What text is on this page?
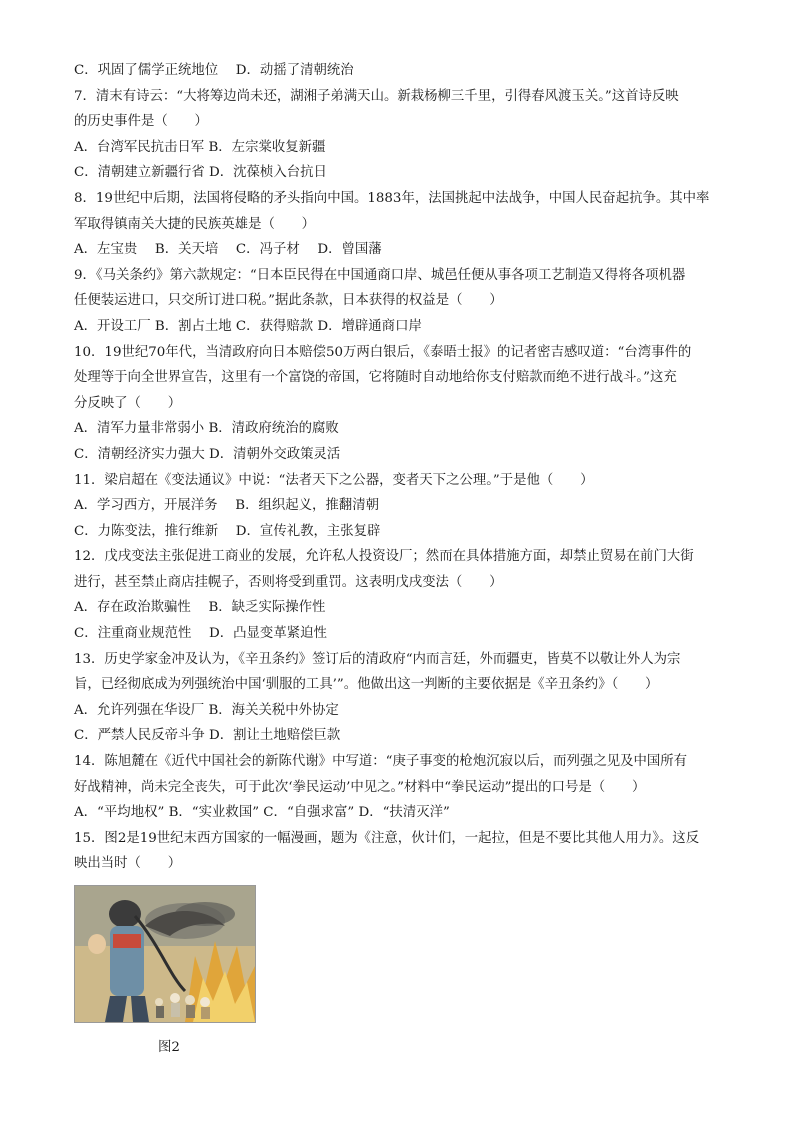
C．巩固了儒学正统地位　 D．动摇了清朝统治
7．清末有诗云：“大将筹边尚未还，湖湘子弟满天山。新栽杨柳三千里，引得春风渡玉关。”这首诗反映
的历史事件是（　　）
A．台湾军民抗击日军 B．左宗棠收复新疆
C．清朝建立新疆行省 D．沈葆桢入台抗日
8．19世纪中后期，法国将侵略的矛头指向中国。1883年，法国挑起中法战争，中国人民奋起抗争。其中率
军取得镇南关大捷的民族英雄是（　　）
A．左宝贵　 B．关天培　 C．冯子材　 D．曾国藩
9．《马关条约》第六款规定：“日本臣民得在中国通商口岸、城邑任便从事各项工艺制造又得将各项机器
任便装运进口，只交所订进口税。”据此条款，日本获得的权益是（　　）
A．开设工厂 B．割占土地 C．获得赔款 D．增辟通商口岸
10．19世纪70年代，当清政府向日本赔偿50万两白银后，《泰晤士报》的记者密吉感叹道：“台湾事件的
处理等于向全世界宣告，这里有一个富饶的帝国，它将随时自动地给你支付赔款而绝不进行战斗。”这充
分反映了（　　）
A．清军力量非常弱小 B．清政府统治的腐败
C．清朝经济实力强大 D．清朝外交政策灵活
11．梁启超在《变法通议》中说：“法者天下之公器，变者天下之公理。”于是他（　　）
A．学习西方，开展洋务　 B．组织起义，推翻清朝
C．力陈变法，推行维新　 D．宣传礼教，主张复辟
12．戊戌变法主张促进工商业的发展，允许私人投资设厂；然而在具体措施方面，却禁止贸易在前门大街
进行，甚至禁止商店挂幌子，否则将受到重罚。这表明戊戌变法（　　）
A．存在政治欺骗性　 B．缺乏实际操作性
C．注重商业规范性　 D．凸显变革紧迫性
13．历史学家金冲及认为，《辛丑条约》签订后的清政府“内而言廷，外而疆吏，皆莫不以敬让外人为宗
旨，已经彻底成为列强统治中国‘驯服的工具’”。他做出这一判断的主要依据是《辛丑条约》（　　）
A．允许列强在华设厂 B．海关关税中外协定
C．严禁人民反帝斗争 D．割让土地赔偿巨款
14．陈旭麓在《近代中国社会的新陈代谢》中写道：“庚子事变的枪炮沉寂以后，而列强之见及中国所有
好战精神，尚未完全丧失，可于此次‘拳民运动’中见之。”材料中“拳民运动”提出的口号是（　　）
A．“平均地权” B．“实业救国” C．“自强求富” D．“扶清灭洋”
15．图2是19世纪末西方国家的一幅漫画，题为《注意，伙计们，一起拉，但是不要比其他人用力》。这反
映出当时（　　）
图2
